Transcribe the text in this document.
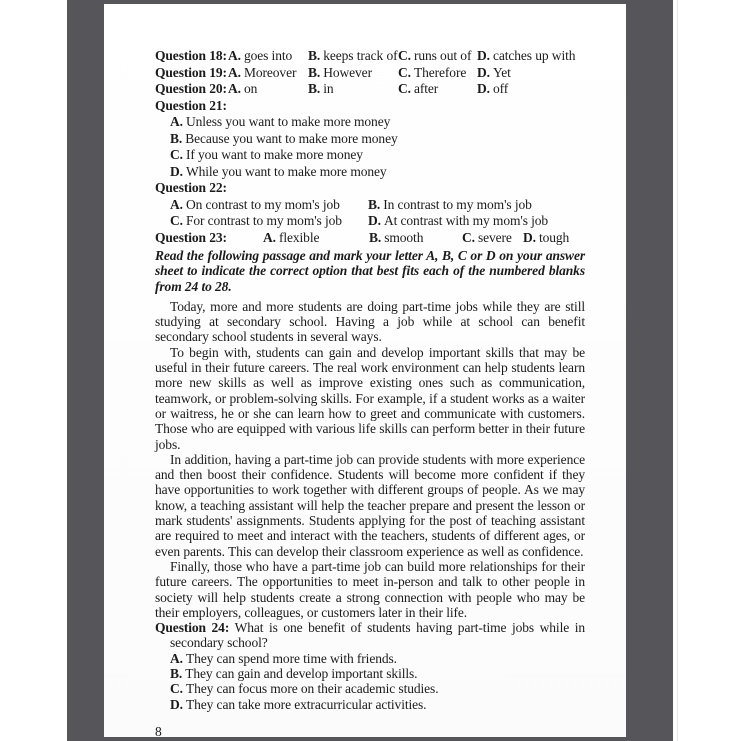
Question 18: A. goes into	B. keeps track of C. runs out of D. catches up with
Question 19: A. Moreover B. However	C. Therefore D. Yet
Question 20: A. on	B. in	C. after	D. off
Question 21:
A. Unless you want to make more money
B. Because you want to make more money
C. If you want to make more money
D. While you want to make more money
Question 22:
A. On contrast to my mom's job	B. In contrast to my mom's job
C. For contrast to my mom's job	D. At contrast with my mom's job
Question 23:	A. flexible	B. smooth	C. severe D. tough

Read the following passage and mark your letter A, B, C or D on your answer sheet to indicate the correct option that best fits each of the numbered blanks from 24 to 28.

Today, more and more students are doing part-time jobs while they are still studying at secondary school. Having a job while at school can benefit secondary school students in several ways.

To begin with, students can gain and develop important skills that may be useful in their future careers. The real work environment can help students learn more new skills as well as improve existing ones such as communication, teamwork, or problem-solving skills. For example, if a student works as a waiter or waitress, he or she can learn how to greet and communicate with customers. Those who are equipped with various life skills can perform better in their future jobs.

In addition, having a part-time job can provide students with more experience and then boost their confidence. Students will become more confident if they have opportunities to work together with different groups of people. As we may know, a teaching assistant will help the teacher prepare and present the lesson or mark students' assignments. Students applying for the post of teaching assistant are required to meet and interact with the teachers, students of different ages, or even parents. This can develop their classroom experience as well as confidence.

Finally, those who have a part-time job can build more relationships for their future careers. The opportunities to meet in-person and talk to other people in society will help students create a strong connection with people who may be their employers, colleagues, or customers later in their life.

Question 24: What is one benefit of students having part-time jobs while in secondary school?

A. They can spend more time with friends.
B. They can gain and develop important skills.
C. They can focus more on their academic studies.
D. They can take more extracurricular activities.
8
